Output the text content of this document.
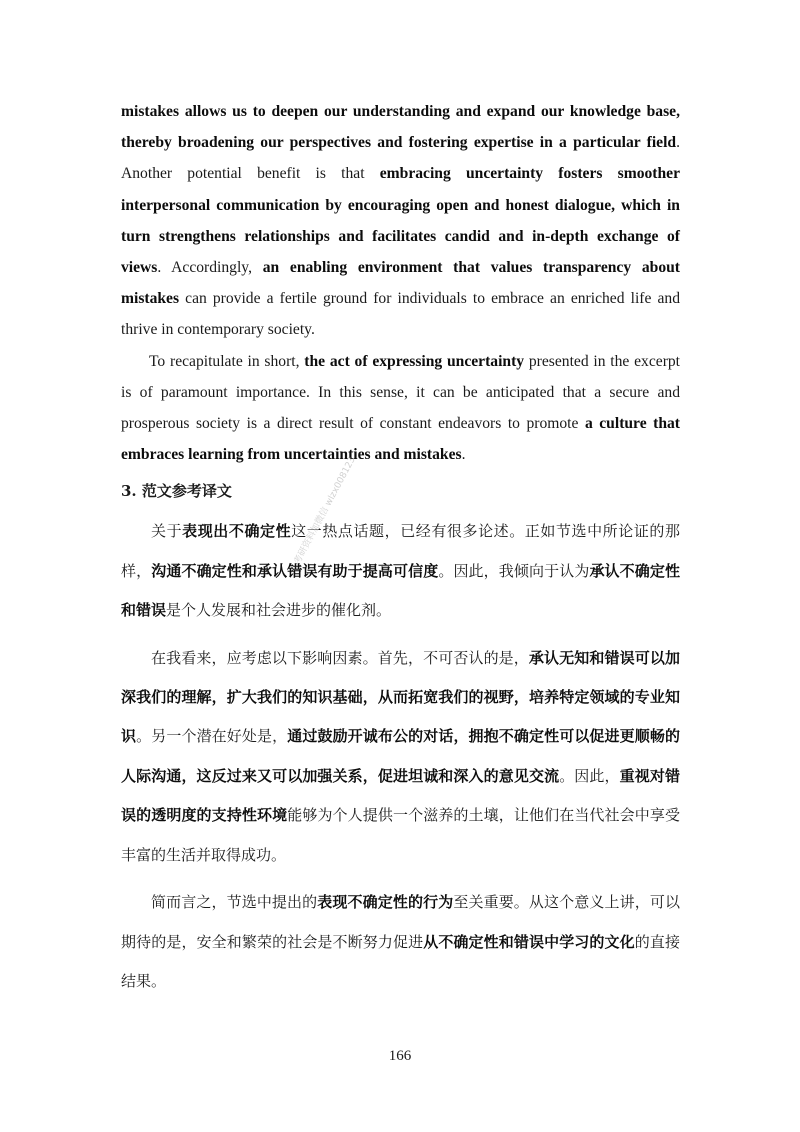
mistakes allows us to deepen our understanding and expand our knowledge base, thereby broadening our perspectives and fostering expertise in a particular field. Another potential benefit is that embracing uncertainty fosters smoother interpersonal communication by encouraging open and honest dialogue, which in turn strengthens relationships and facilitates candid and in-depth exchange of views. Accordingly, an enabling environment that values transparency about mistakes can provide a fertile ground for individuals to embrace an enriched life and thrive in contemporary society.

To recapitulate in short, the act of expressing uncertainty presented in the excerpt is of paramount importance. In this sense, it can be anticipated that a secure and prosperous society is a direct result of constant endeavors to promote a culture that embraces learning from uncertainties and mistakes.

3. 范文参考译文

关于表现出不确定性这一热点话题，已经有很多论述。正如节选中所论证的那样，沟通不确定性和承认错误有助于提高可信度。因此，我倾向于认为承认不确定性和错误是个人发展和社会进步的催化剂。

在我看来，应考虑以下影响因素。首先，不可否认的是，承认无知和错误可以加深我们的理解，扩大我们的知识基础，从而拓宽我们的视野，培养特定领域的专业知识。另一个潜在好处是，通过鼓励开诚布公的对话，拥抱不确定性可以促进更顺畅的人际沟通，这反过来又可以加强关系，促进坦诚和深入的意见交流。因此，重视对错误的透明度的支持性环境能够为个人提供一个滋养的土壤，让他们在当代社会中享受丰富的生活并取得成功。

简而言之，节选中提出的表现不确定性的行为至关重要。从这个意义上讲，可以期待的是，安全和繁荣的社会是不断努力促进从不确定性和错误中学习的文化的直接结果。

考研资料加微信 wlzx008123
166
